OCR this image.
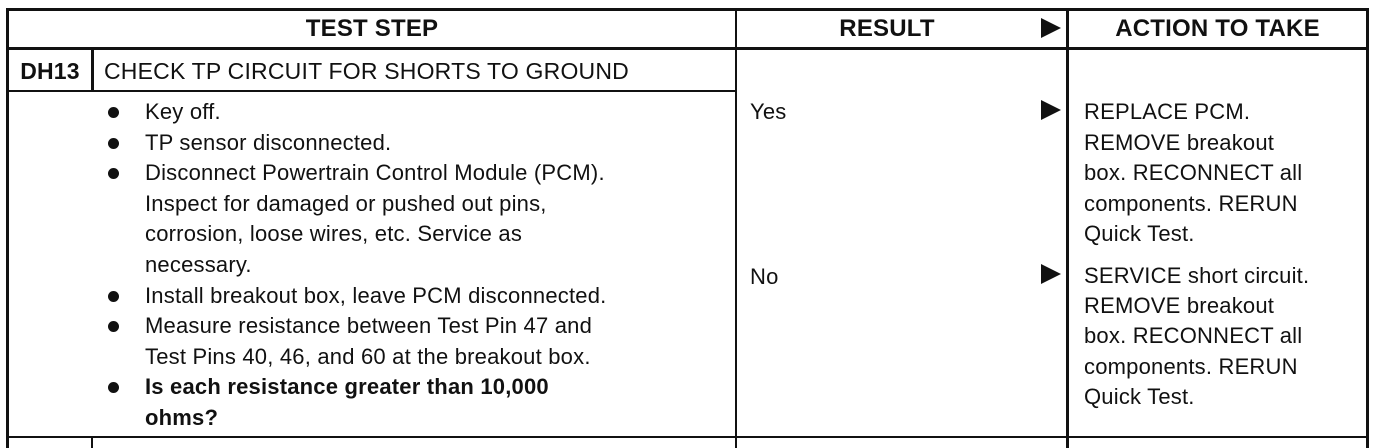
TEST STEP	RESULT	ACTION TO TAKE
DH13	CHECK TP CIRCUIT FOR SHORTS TO GROUND
Key off.
TP sensor disconnected.
Disconnect Powertrain Control Module (PCM).
Inspect for damaged or pushed out pins,
corrosion, loose wires, etc. Service as
necessary.
Install breakout box, leave PCM disconnected.
Measure resistance between Test Pin 47 and
Test Pins 40, 46, and 60 at the breakout box.
Is each resistance greater than 10,000
ohms?
Yes	REPLACE PCM.
REMOVE breakout
box. RECONNECT all
components. RERUN
Quick Test.
No	SERVICE short circuit.
REMOVE breakout
box. RECONNECT all
components. RERUN
Quick Test.
